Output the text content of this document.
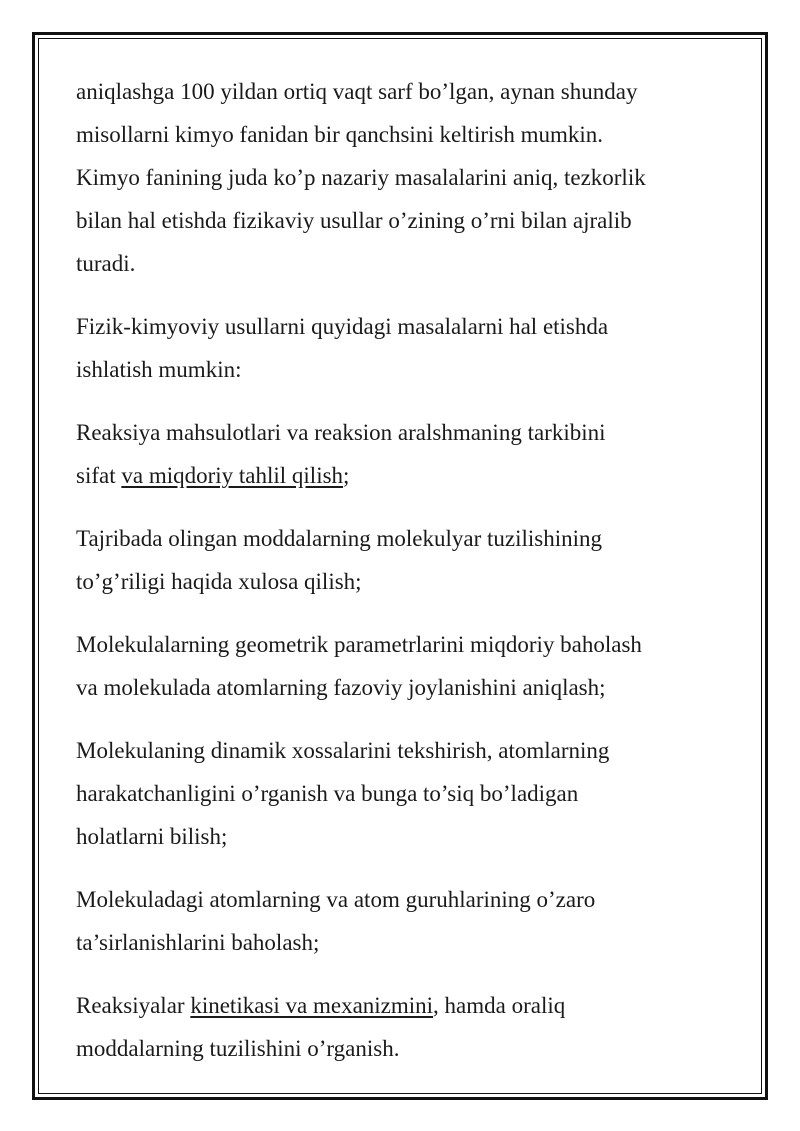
aniqlashga 100 yildan ortiq vaqt sarf bo’lgan, aynan shunday
misollarni kimyo fanidan bir qanchsini keltirish mumkin.
Kimyo fanining juda ko’p nazariy masalalarini aniq, tezkorlik
bilan hal etishda fizikaviy usullar o’zining o’rni bilan ajralib
turadi.

Fizik-kimyoviy usullarni quyidagi masalalarni hal etishda
ishlatish mumkin:

Reaksiya mahsulotlari va reaksion aralshmaning tarkibini
sifat va miqdoriy tahlil qilish;

Tajribada olingan moddalarning molekulyar tuzilishining
to’g’riligi haqida xulosa qilish;

Molekulalarning geometrik parametrlarini miqdoriy baholash
va molekulada atomlarning fazoviy joylanishini aniqlash;

Molekulaning dinamik xossalarini tekshirish, atomlarning
harakatchanligini o’rganish va bunga to’siq bo’ladigan
holatlarni bilish;

Molekuladagi atomlarning va atom guruhlarining o’zaro
ta’sirlanishlarini baholash;

Reaksiyalar kinetikasi va mexanizmini, hamda oraliq
moddalarning tuzilishini o’rganish.
